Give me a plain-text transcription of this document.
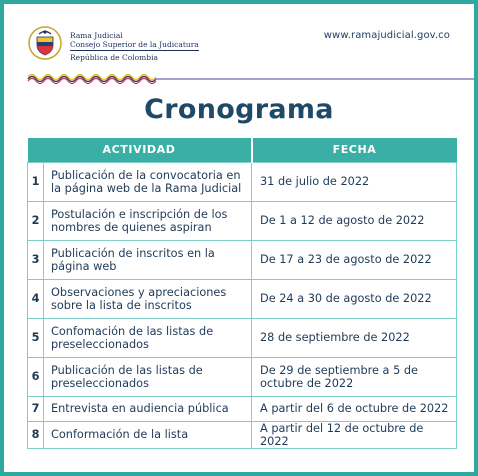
Rama Judicial
Consejo Superior de la Judicatura
República de Colombia
www.ramajudicial.gov.co
Cronograma
ACTIVIDAD		FECHA
1	Publicación de la convocatoria en la página web de la Rama Judicial	31 de julio de 2022
2	Postulación e inscripción de los nombres de quienes aspiran	De 1 a 12 de agosto de 2022
3	Publicación de inscritos en la página web	De 17 a 23 de agosto de 2022
4	Observaciones y apreciaciones sobre la lista de inscritos	De 24 a 30 de agosto de 2022
5	Confomación de las listas de preseleccionados	28 de septiembre de 2022
6	Publicación de las listas de preseleccionados	De 29 de septiembre a 5 de octubre de 2022
7	Entrevista en audiencia pública	A partir del 6 de octubre de 2022
8	Conformación de la lista	A partir del 12 de octubre de 2022
